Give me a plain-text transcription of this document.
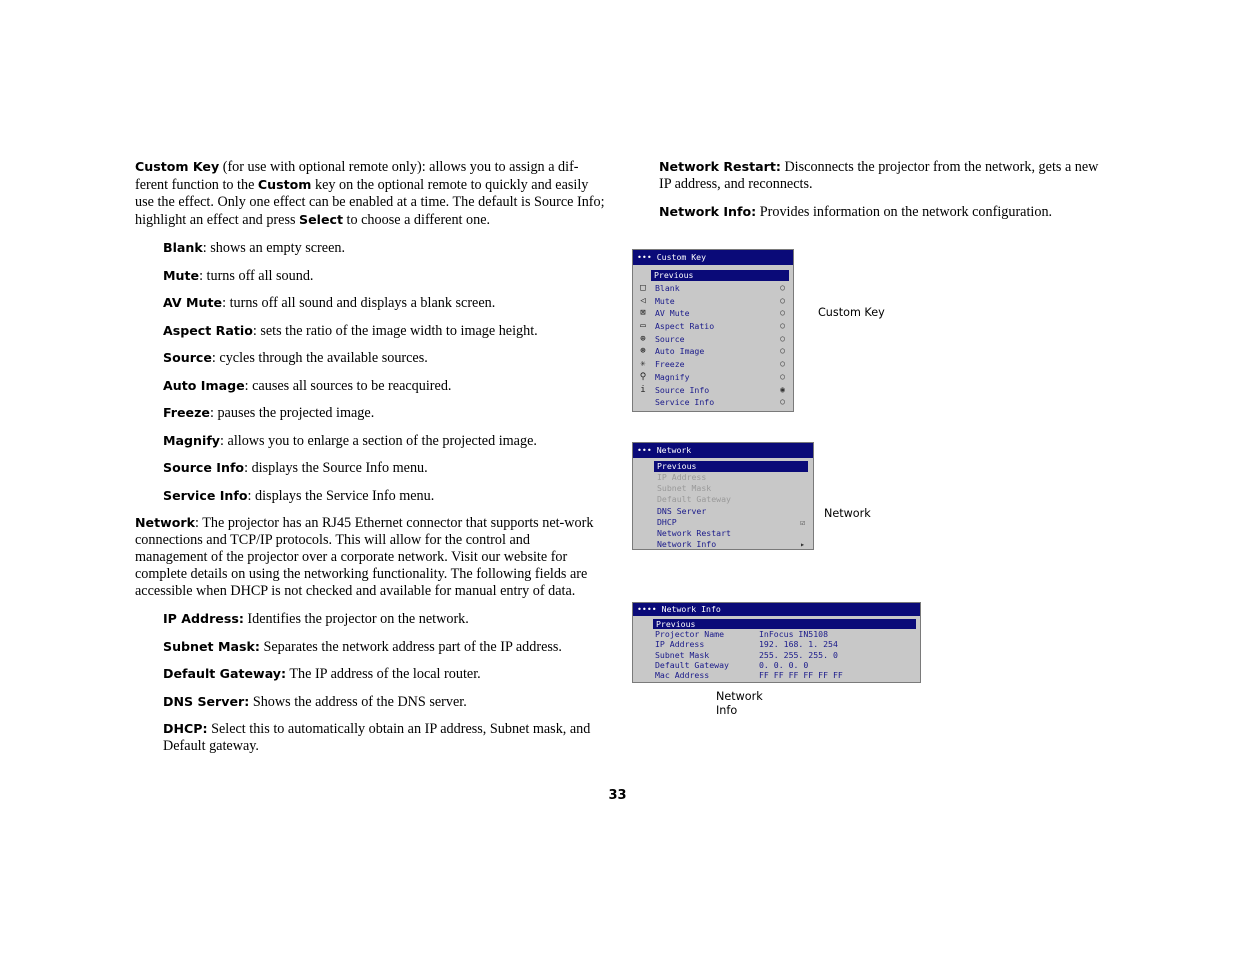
Custom Key (for use with optional remote only): allows you to assign a dif-ferent function to the Custom key on the optional remote to quickly and easily use the effect. Only one effect can be enabled at a time. The default is Source Info; highlight an effect and press Select to choose a different one.

Blank: shows an empty screen.

Mute: turns off all sound.

AV Mute: turns off all sound and displays a blank screen.

Aspect Ratio: sets the ratio of the image width to image height.

Source: cycles through the available sources.

Auto Image: causes all sources to be reacquired.

Freeze: pauses the projected image.

Magnify: allows you to enlarge a section of the projected image.

Source Info: displays the Source Info menu.

Service Info: displays the Service Info menu.

Network: The projector has an RJ45 Ethernet connector that supports net-work connections and TCP/IP protocols. This will allow for the control and management of the projector over a corporate network. Visit our website for complete details on using the networking functionality. The following fields are accessible when DHCP is not checked and available for manual entry of data.

IP Address: Identifies the projector on the network.

Subnet Mask: Separates the network address part of the IP address.

Default Gateway: The IP address of the local router.

DNS Server: Shows the address of the DNS server.

DHCP: Select this to automatically obtain an IP address, Subnet mask, and Default gateway.

Network Restart: Disconnects the projector from the network, gets a new IP address, and reconnects.

Network Info: Provides information on the network configuration.

••• Custom Key
Previous
□	Blank	○
◁	Mute	○
⊠	AV Mute	○
▭	Aspect Ratio	○
⊕	Source	○
⊛	Auto Image	○
✳	Freeze	○
⚲	Magnify	○
i	Source Info	◉
Service Info	○
Custom Key
••• Network
Previous
IP Address
Subnet Mask
Default Gateway
DNS Server
DHCP	☑
Network Restart
Network Info	▸
Network
•••• Network Info
Previous
Projector Name	InFocus IN5108
IP Address	192. 168. 1. 254
Subnet Mask	255. 255. 255. 0
Default Gateway	0. 0. 0. 0
Mac Address	FF FF FF FF FF FF
Network
Info
33
